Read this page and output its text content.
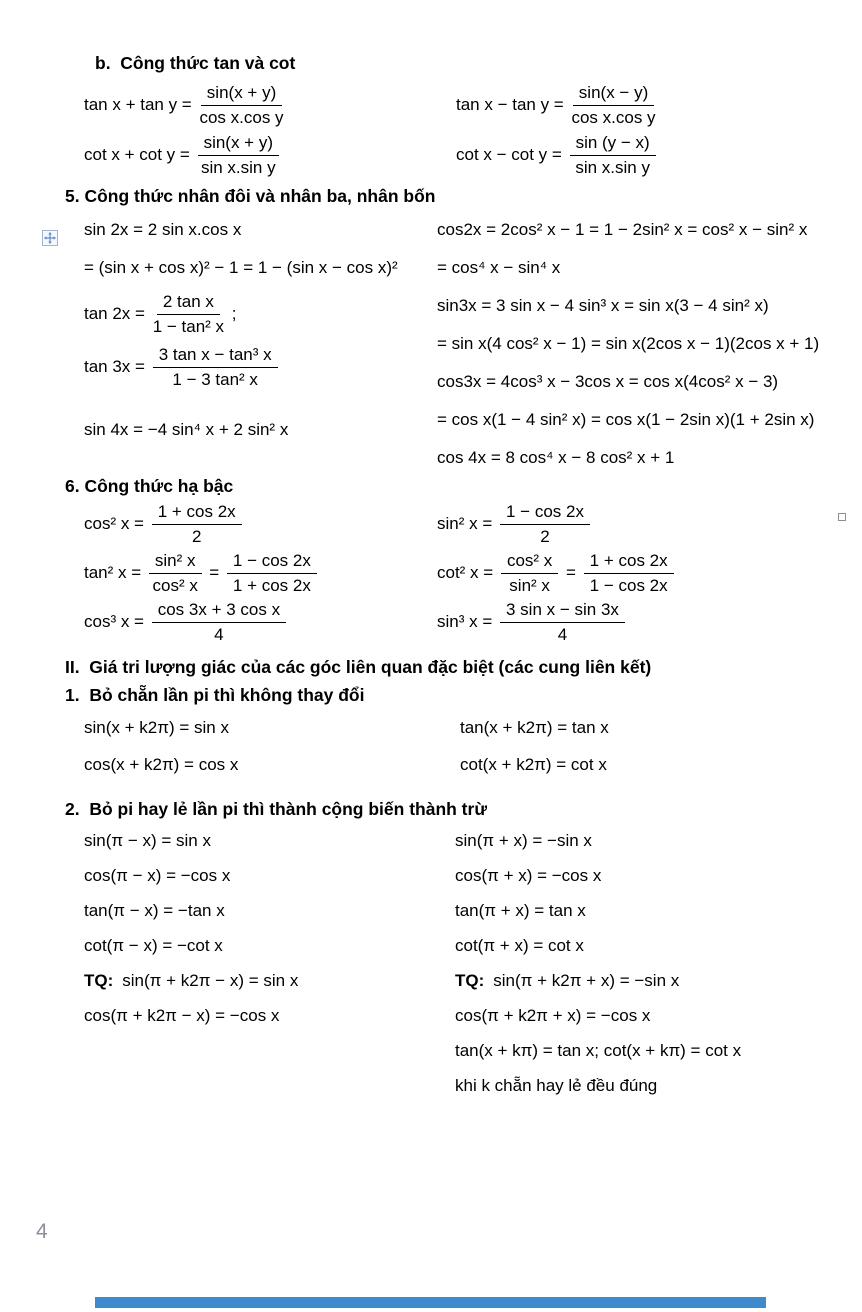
b.  Công thức tan và cot
$\tan x + \tan y = \frac{\sin(x + y)}{\text{cos x.cos y}}$	$\tan x - \tan y = \frac{\sin(x - y)}{\text{cos x.cos y}}$
$\cot x + \cot y = \frac{\sin(x + y)}{\text{sin x.sin y}}$	$\cot x - \cot y = \frac{\sin (y - x)}{\text{sin x.sin y}}$
5. Công thức nhân đôi và nhân ba, nhân bốn
sin 2x = 2 sin x.cos x
= (sin x + cos x)² − 1 = 1 − (sin x − cos x)²
$\tan 2x = \frac{\text{2 tan x}}{\text{1 − tan² x}}$ ;
$\tan 3x = \frac{\text{3 tan x − tan³ x}}{\text{1 − 3 tan² x}}$
sin 4x = −4 sin⁴ x + 2 sin² x
cos2x = 2cos² x − 1 = 1 − 2sin² x = cos² x − sin² x
= cos⁴ x − sin⁴ x
sin3x = 3 sin x − 4 sin³ x = sin x(3 − 4 sin² x)
= sin x(4 cos² x − 1) = sin x(2cos x − 1)(2cos x + 1)
cos3x = 4cos³ x − 3cos x = cos x(4cos² x − 3)
= cos x(1 − 4 sin² x) = cos x(1 − 2sin x)(1 + 2sin x)
cos 4x = 8 cos⁴ x − 8 cos² x + 1
6. Công thức hạ bậc
cos² $x = \frac{1 + \cos 2x}{2}$	sin² $x = \frac{1 - \cos 2x}{2}$
tan² $x = \frac{\text{sin² x}}{\text{cos² x}} = \frac{1 - \cos 2x}{1 + \cos 2x}$	cot² $x = \frac{\text{cos² x}}{\text{sin² x}} = \frac{1 + \cos 2x}{1 - \cos 2x}$
cos³ $x = \frac{\text{cos 3x + 3 cos x}}{4}$	sin³ $x = \frac{\text{3 sin x − sin 3x}}{4}$
II.  Giá tri lượng giác của các góc liên quan đặc biệt (các cung liên kết)
1.  Bỏ chẵn lần pi thì không thay đổi
sin(x + k2π) = sin x	tan(x + k2π) = tan x
cos(x + k2π) = cos x	cot(x + k2π) = cot x
2.  Bỏ pi hay lẻ lần pi thì thành cộng biến thành trừ
sin(π − x) = sin x	sin(π + x) = −sin x
cos(π − x) = −cos x	cos(π + x) = −cos x
tan(π − x) = −tan x	tan(π + x) = tan x
cot(π − x) = −cot x	cot(π + x) = cot x
TQ: sin(π + k2π − x) = sin x	TQ: sin(π + k2π + x) = −sin x
cos(π + k2π − x) = −cos x	cos(π + k2π + x) = −cos x
tan(x + kπ) = tan x; cot(x + kπ) = cot x
khi k chẵn hay lẻ đều đúng
4
